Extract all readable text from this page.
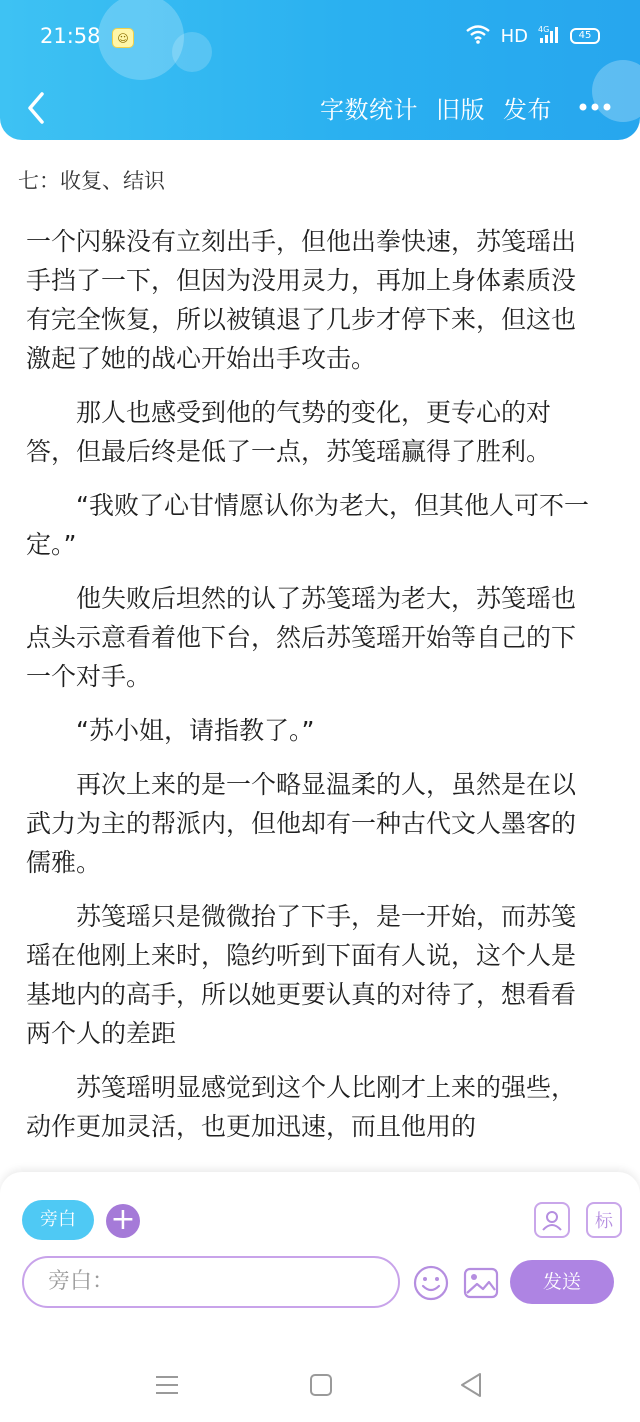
21:58	☺	HD 4G
45
字数统计 旧版 发布
七：收复、结识

一个闪躲没有立刻出手，但他出拳快速，苏笺瑶出手挡了一下，但因为没用灵力，再加上身体素质没有完全恢复，所以被镇退了几步才停下来，但这也激起了她的战心开始出手攻击。

那人也感受到他的气势的变化，更专心的对答，但最后终是低了一点，苏笺瑶赢得了胜利。

“我败了心甘情愿认你为老大，但其他人可不一定。”

他失败后坦然的认了苏笺瑶为老大，苏笺瑶也点头示意看着他下台，然后苏笺瑶开始等自己的下一个对手。

“苏小姐，请指教了。”

再次上来的是一个略显温柔的人，虽然是在以武力为主的帮派内，但他却有一种古代文人墨客的儒雅。

苏笺瑶只是微微抬了下手，是一开始，而苏笺瑶在他刚上来时，隐约听到下面有人说，这个人是基地内的高手，所以她更要认真的对待了，想看看两个人的差距

苏笺瑶明显感觉到这个人比刚才上来的强些，动作更加灵活，也更加迅速，而且他用的

旁白	+	标
旁白：	发送
